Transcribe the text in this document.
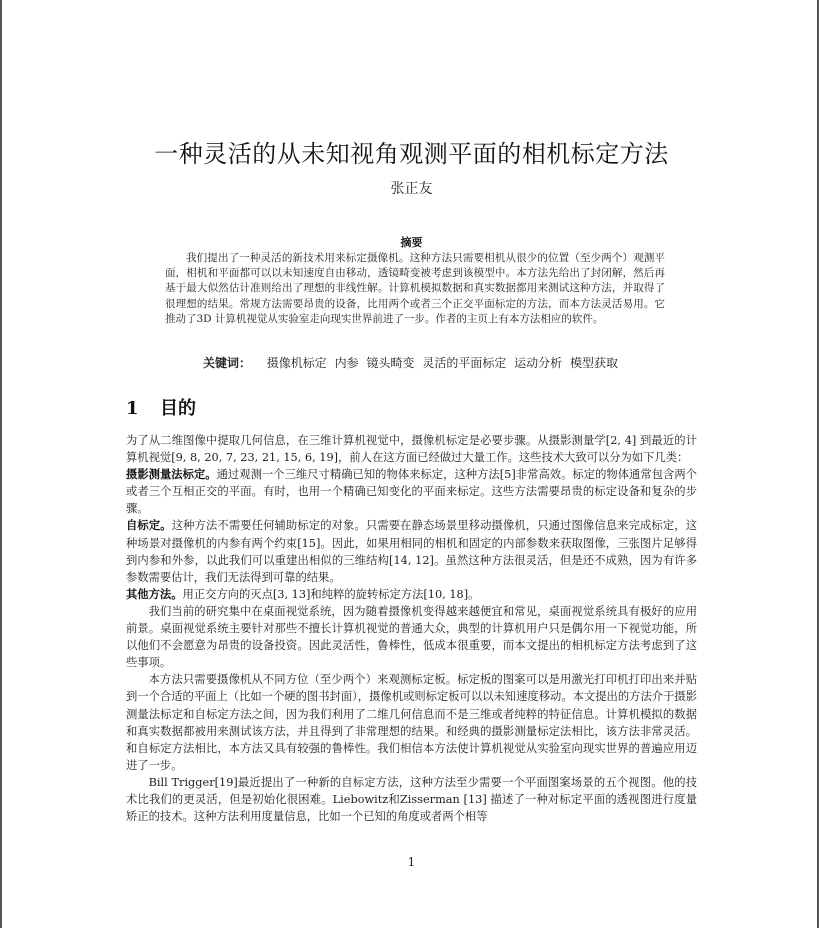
一种灵活的从未知视角观测平面的相机标定方法
张正友
摘要
我们提出了一种灵活的新技术用来标定摄像机。这种方法只需要相机从很少的位置（至少两个）观测平面，相机和平面都可以以未知速度自由移动，透镜畸变被考虑到该模型中。本方法先给出了封闭解，然后再基于最大似然估计准则给出了理想的非线性解。计算机模拟数据和真实数据都用来测试这种方法，并取得了很理想的结果。常规方法需要昂贵的设备，比用两个或者三个正交平面标定的方法，而本方法灵活易用。它推动了3D 计算机视觉从实验室走向现实世界前进了一步。作者的主页上有本方法相应的软件。
关键词： 摄像机标定 内参 镜头畸变 灵活的平面标定 运动分析 模型获取
1 目的

为了从二维图像中提取几何信息，在三维计算机视觉中，摄像机标定是必要步骤。从摄影测量学[2, 4] 到最近的计算机视觉[9, 8, 20, 7, 23, 21, 15, 6, 19]，前人在这方面已经做过大量工作。这些技术大致可以分为如下几类：

摄影测量法标定。通过观测一个三维尺寸精确已知的物体来标定，这种方法[5]非常高效。标定的物体通常包含两个或者三个互相正交的平面。有时，也用一个精确已知变化的平面来标定。这些方法需要昂贵的标定设备和复杂的步骤。

自标定。这种方法不需要任何辅助标定的对象。只需要在静态场景里移动摄像机，只通过图像信息来完成标定，这种场景对摄像机的内参有两个约束[15]。因此，如果用相同的相机和固定的内部参数来获取图像，三张图片足够得到内参和外参，以此我们可以重建出相似的三维结构[14, 12]。虽然这种方法很灵活，但是还不成熟，因为有许多参数需要估计，我们无法得到可靠的结果。

其他方法。用正交方向的灭点[3, 13]和纯粹的旋转标定方法[10, 18]。

我们当前的研究集中在桌面视觉系统，因为随着摄像机变得越来越便宜和常见，桌面视觉系统具有极好的应用前景。桌面视觉系统主要针对那些不擅长计算机视觉的普通大众，典型的计算机用户只是偶尔用一下视觉功能，所以他们不会愿意为昂贵的设备投资。因此灵活性，鲁棒性，低成本很重要，而本文提出的相机标定方法考虑到了这些事项。

本方法只需要摄像机从不同方位（至少两个）来观测标定板。标定板的图案可以是用激光打印机打印出来并贴到一个合适的平面上（比如一个硬的图书封面），摄像机或则标定板可以以未知速度移动。本文提出的方法介于摄影测量法标定和自标定方法之间，因为我们利用了二维几何信息而不是三维或者纯粹的特征信息。计算机模拟的数据和真实数据都被用来测试该方法，并且得到了非常理想的结果。和经典的摄影测量标定法相比，该方法非常灵活。和自标定方法相比，本方法又具有较强的鲁棒性。我们相信本方法使计算机视觉从实验室向现实世界的普遍应用迈进了一步。

Bill Trigger[19]最近提出了一种新的自标定方法，这种方法至少需要一个平面图案场景的五个视图。他的技术比我们的更灵活，但是初始化很困难。Liebowitz和Zisserman [13] 描述了一种对标定平面的透视图进行度量矫正的技术。这种方法利用度量信息，比如一个已知的角度或者两个相等

1
